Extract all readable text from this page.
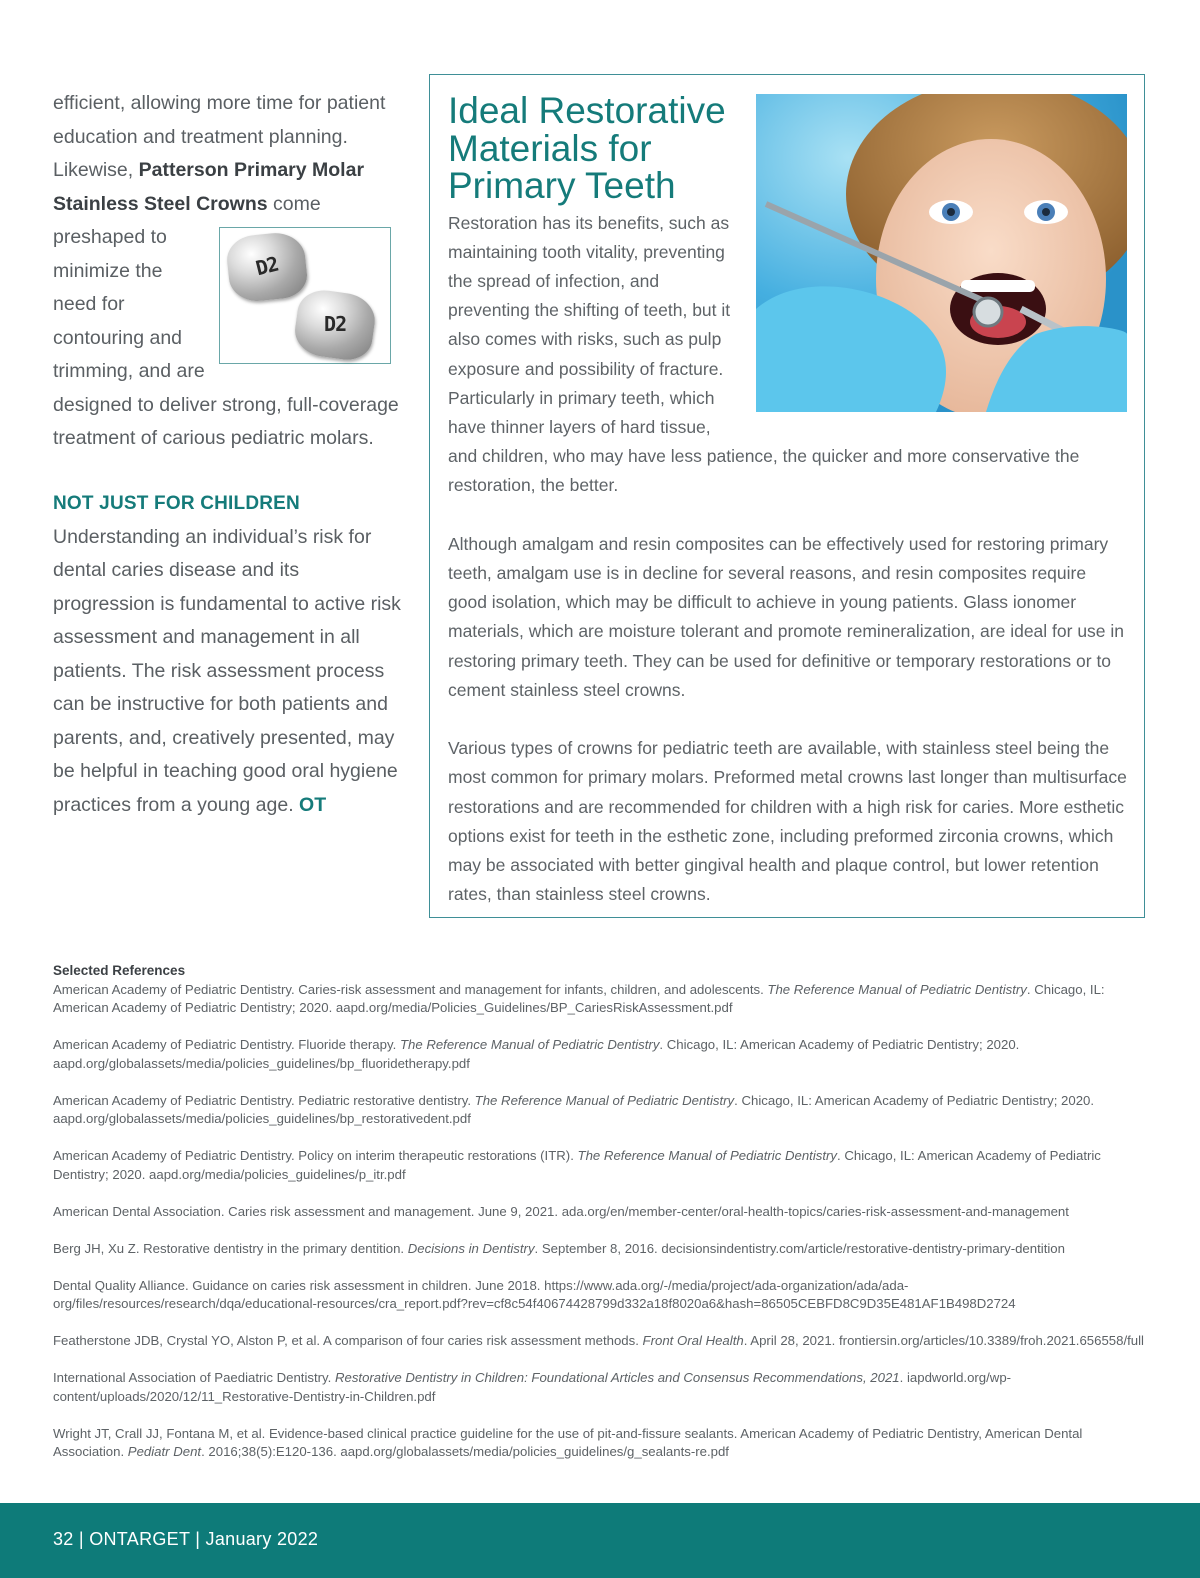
efficient, allowing more time for patient education and treatment planning. Likewise, Patterson Primary Molar Stainless Steel Crowns
D2
D2
come preshaped to minimize the need for contouring and trimming, and are designed to deliver strong, full-coverage treatment of carious pediatric molars.

NOT JUST FOR CHILDREN

Understanding an individual’s risk for dental caries disease and its progression is fundamental to active risk assessment and management in all patients. The risk assessment process can be instructive for both patients and parents, and, creatively presented, may be helpful in teaching good oral hygiene practices from a young age. OT

Ideal Restorative Materials for Primary Teeth

Restoration has its benefits, such as maintaining tooth vitality, preventing the spread of infection, and preventing the shifting of teeth, but it also comes with risks, such as pulp exposure and possibility of fracture. Particularly in primary teeth, which have thinner layers of hard tissue, and children, who may have less patience, the quicker and more conservative the restoration, the better.

Although amalgam and resin composites can be effectively used for restoring primary teeth, amalgam use is in decline for several reasons, and resin composites require good isolation, which may be difficult to achieve in young patients. Glass ionomer materials, which are moisture tolerant and promote remineralization, are ideal for use in restoring primary teeth. They can be used for definitive or temporary restorations or to cement stainless steel crowns.

Various types of crowns for pediatric teeth are available, with stainless steel being the most common for primary molars. Preformed metal crowns last longer than multisurface restorations and are recommended for children with a high risk for caries. More esthetic options exist for teeth in the esthetic zone, including preformed zirconia crowns, which may be associated with better gingival health and plaque control, but lower retention rates, than stainless steel crowns.

Selected References
American Academy of Pediatric Dentistry. Caries-risk assessment and management for infants, children, and adolescents. The Reference Manual of Pediatric Dentistry. Chicago, IL: American Academy of Pediatric Dentistry; 2020. aapd.org/media/Policies_Guidelines/BP_CariesRiskAssessment.pdf
American Academy of Pediatric Dentistry. Fluoride therapy. The Reference Manual of Pediatric Dentistry. Chicago, IL: American Academy of Pediatric Dentistry; 2020. aapd.org/globalassets/media/policies_guidelines/bp_fluoridetherapy.pdf
American Academy of Pediatric Dentistry. Pediatric restorative dentistry. The Reference Manual of Pediatric Dentistry. Chicago, IL: American Academy of Pediatric Dentistry; 2020. aapd.org/globalassets/media/policies_guidelines/bp_restorativedent.pdf
American Academy of Pediatric Dentistry. Policy on interim therapeutic restorations (ITR). The Reference Manual of Pediatric Dentistry. Chicago, IL: American Academy of Pediatric Dentistry; 2020. aapd.org/media/policies_guidelines/p_itr.pdf
American Dental Association. Caries risk assessment and management. June 9, 2021. ada.org/en/member-center/oral-health-topics/caries-risk-assessment-and-management
Berg JH, Xu Z. Restorative dentistry in the primary dentition. Decisions in Dentistry. September 8, 2016. decisionsindentistry.com/article/restorative-dentistry-primary-dentition
Dental Quality Alliance. Guidance on caries risk assessment in children. June 2018. https://www.ada.org/-/media/project/ada-organization/ada/ada-org/files/resources/research/dqa/educational-resources/cra_report.pdf?rev=cf8c54f40674428799d332a18f8020a6&hash=86505CEBFD8C9D35E481AF1B498D2724
Featherstone JDB, Crystal YO, Alston P, et al. A comparison of four caries risk assessment methods. Front Oral Health. April 28, 2021. frontiersin.org/articles/10.3389/froh.2021.656558/full
International Association of Paediatric Dentistry. Restorative Dentistry in Children: Foundational Articles and Consensus Recommendations, 2021. iapdworld.org/wp-content/uploads/2020/12/11_Restorative-Dentistry-in-Children.pdf
Wright JT, Crall JJ, Fontana M, et al. Evidence-based clinical practice guideline for the use of pit-and-fissure sealants. American Academy of Pediatric Dentistry, American Dental Association. Pediatr Dent. 2016;38(5):E120-136. aapd.org/globalassets/media/policies_guidelines/g_sealants-re.pdf
32 | ONTARGET | January 2022
